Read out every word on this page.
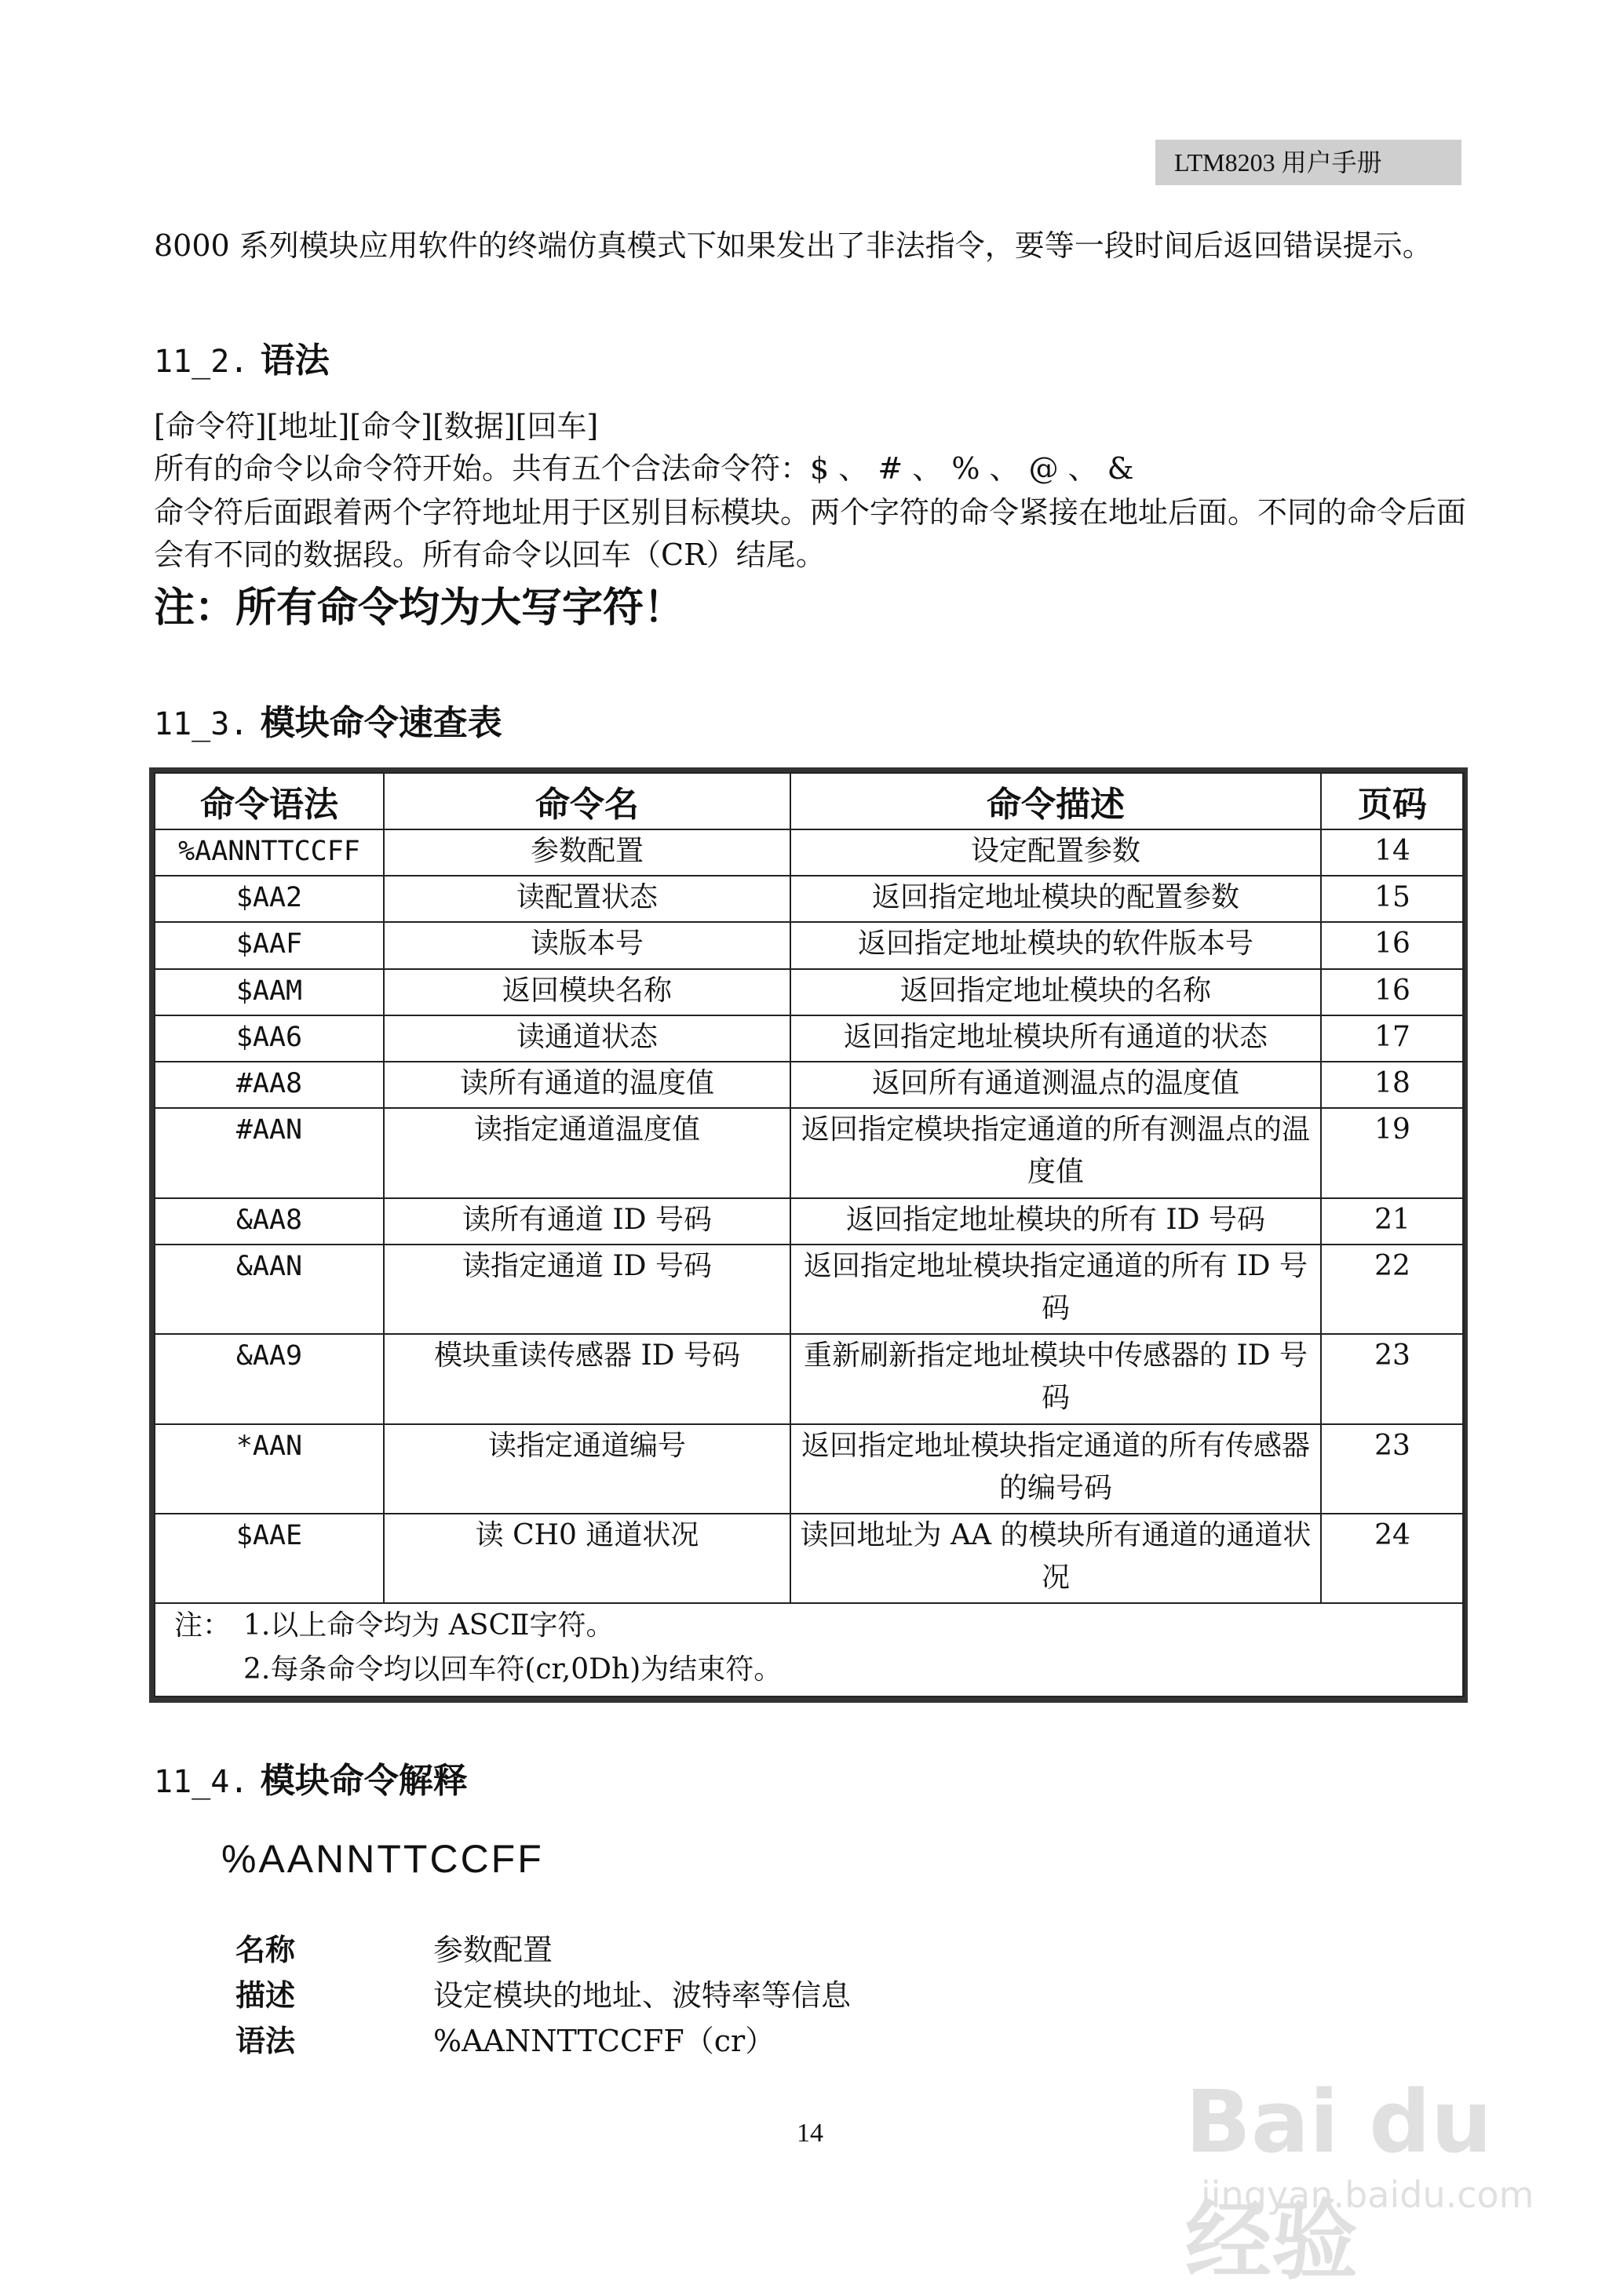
LTM8203 用户手册

8000 系列模块应用软件的终端仿真模式下如果发出了非法指令，要等一段时间后返回错误提示。

11_2. 语法

[命令符][地址][命令][数据][回车]

所有的命令以命令符开始。共有五个合法命令符：$ 、 # 、 % 、 @ 、 &

命令符后面跟着两个字符地址用于区别目标模块。两个字符的命令紧接在地址后面。不同的命令后面会有不同的数据段。所有命令以回车（CR）结尾。

注：所有命令均为大写字符！

11_3. 模块命令速查表
命令语法	命令名	命令描述	页码
%AANNTTCCFF	参数配置	设定配置参数	14
$AA2	读配置状态	返回指定地址模块的配置参数	15
$AAF	读版本号	返回指定地址模块的软件版本号	16
$AAM	返回模块名称	返回指定地址模块的名称	16
$AA6	读通道状态	返回指定地址模块所有通道的状态	17
#AA8	读所有通道的温度值	返回所有通道测温点的温度值	18
#AAN	读指定通道温度值	返回指定模块指定通道的所有测温点的温度值	19
&AA8	读所有通道 ID 号码	返回指定地址模块的所有 ID 号码	21
&AAN	读指定通道 ID 号码	返回指定地址模块指定通道的所有 ID 号码	22
&AA9	模块重读传感器 ID 号码	重新刷新指定地址模块中传感器的 ID 号码	23
*AAN	读指定通道编号	返回指定地址模块指定通道的所有传感器的编号码	23
$AAE	读 CH0 通道状况	读回地址为 AA 的模块所有通道的通道状况	24

注： 1.以上命令均为 ASCⅡ字符。
2.每条命令均以回车符(cr,0Dh)为结束符。			
11_4. 模块命令解释

%AANNTTCCFF

名称	参数配置
描述	设定模块的地址、波特率等信息
语法	%AANNTTCCFF（cr）
14	Bai du 经验
jingyan.baidu.com
